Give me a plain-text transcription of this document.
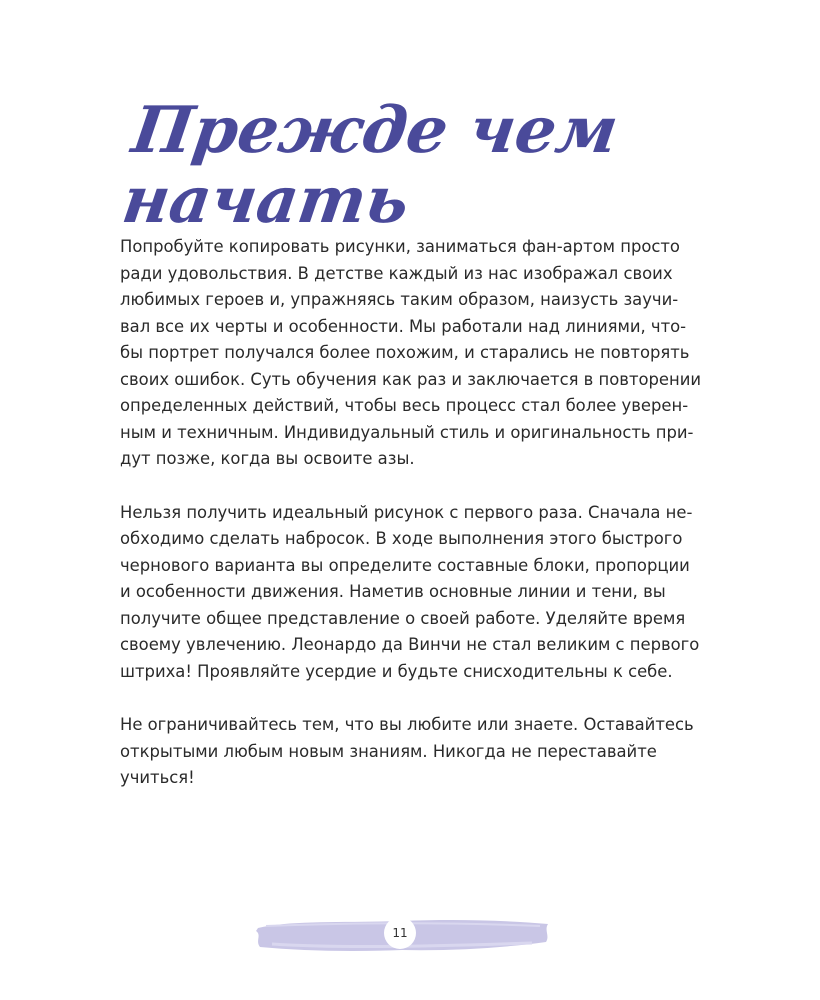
Прежде чем начать

Попробуйте копировать рисунки, заниматься фан-артом просто
ради удовольствия. В детстве каждый из нас изображал своих
любимых героев и, упражняясь таким образом, наизусть заучи-
вал все их черты и особенности. Мы работали над линиями, что-
бы портрет получался более похожим, и старались не повторять
своих ошибок. Суть обучения как раз и заключается в повторении
определенных действий, чтобы весь процесс стал более уверен-
ным и техничным. Индивидуальный стиль и оригинальность при-
дут позже, когда вы освоите азы.

Нельзя получить идеальный рисунок с первого раза. Сначала не-
обходимо сделать набросок. В ходе выполнения этого быстрого
чернового варианта вы определите составные блоки, пропорции
и особенности движения. Наметив основные линии и тени, вы
получите общее представление о своей работе. Уделяйте время
своему увлечению. Леонардо да Винчи не стал великим с первого
штриха! Проявляйте усердие и будьте снисходительны к себе.

Не ограничивайтесь тем, что вы любите или знаете. Оставайтесь
открытыми любым новым знаниям. Никогда не переставайте
учиться!

11
